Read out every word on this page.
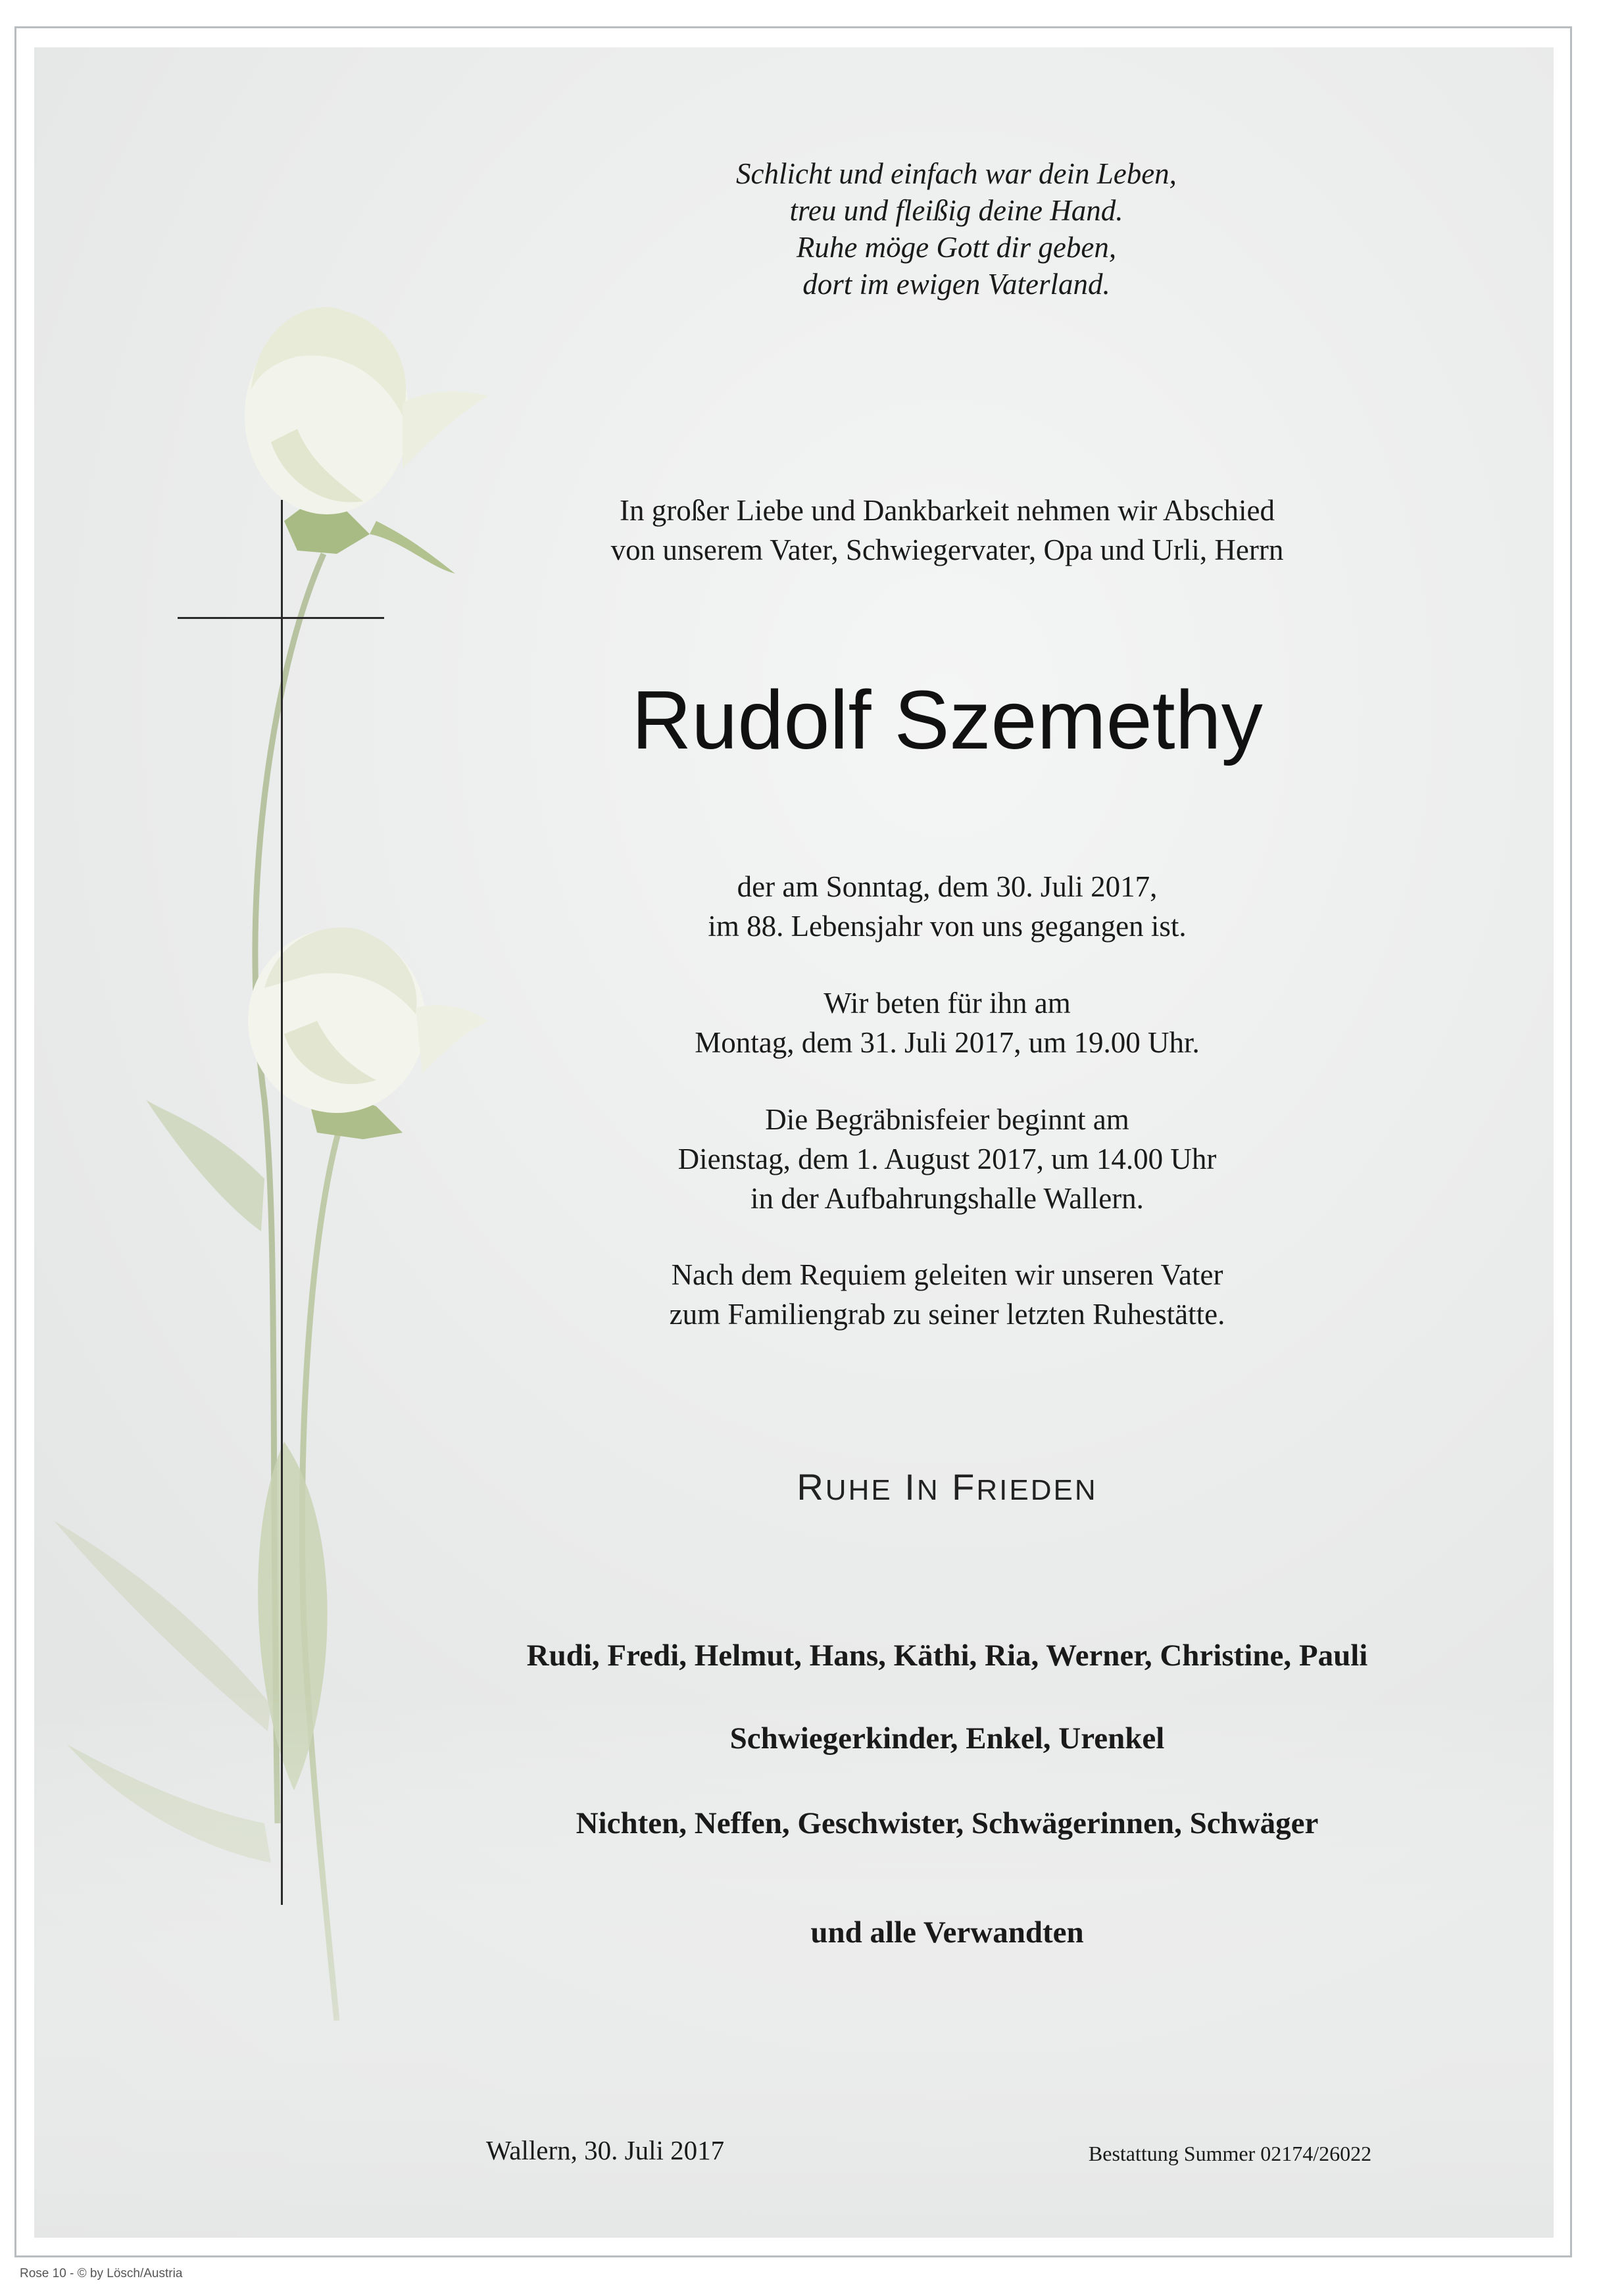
Schlicht und einfach war dein Leben,
treu und fleißig deine Hand.
Ruhe möge Gott dir geben,
dort im ewigen Vaterland.
In großer Liebe und Dankbarkeit nehmen wir Abschied
von unserem Vater, Schwiegervater, Opa und Urli, Herrn
Rudolf Szemethy
der am Sonntag, dem 30. Juli 2017,
im 88. Lebensjahr von uns gegangen ist.
Wir beten für ihn am
Montag, dem 31. Juli 2017, um 19.00 Uhr.
Die Begräbnisfeier beginnt am
Dienstag, dem 1. August 2017, um 14.00 Uhr
in der Aufbahrungshalle Wallern.
Nach dem Requiem geleiten wir unseren Vater
zum Familiengrab zu seiner letzten Ruhestätte.
RUHE IN FRIEDEN
Rudi, Fredi, Helmut, Hans, Käthi, Ria, Werner, Christine, Pauli
Schwiegerkinder, Enkel, Urenkel
Nichten, Neffen, Geschwister, Schwägerinnen, Schwäger
und alle Verwandten
Wallern, 30. Juli 2017	Bestattung Summer 02174/26022
Rose 10 - © by Lösch/Austria
